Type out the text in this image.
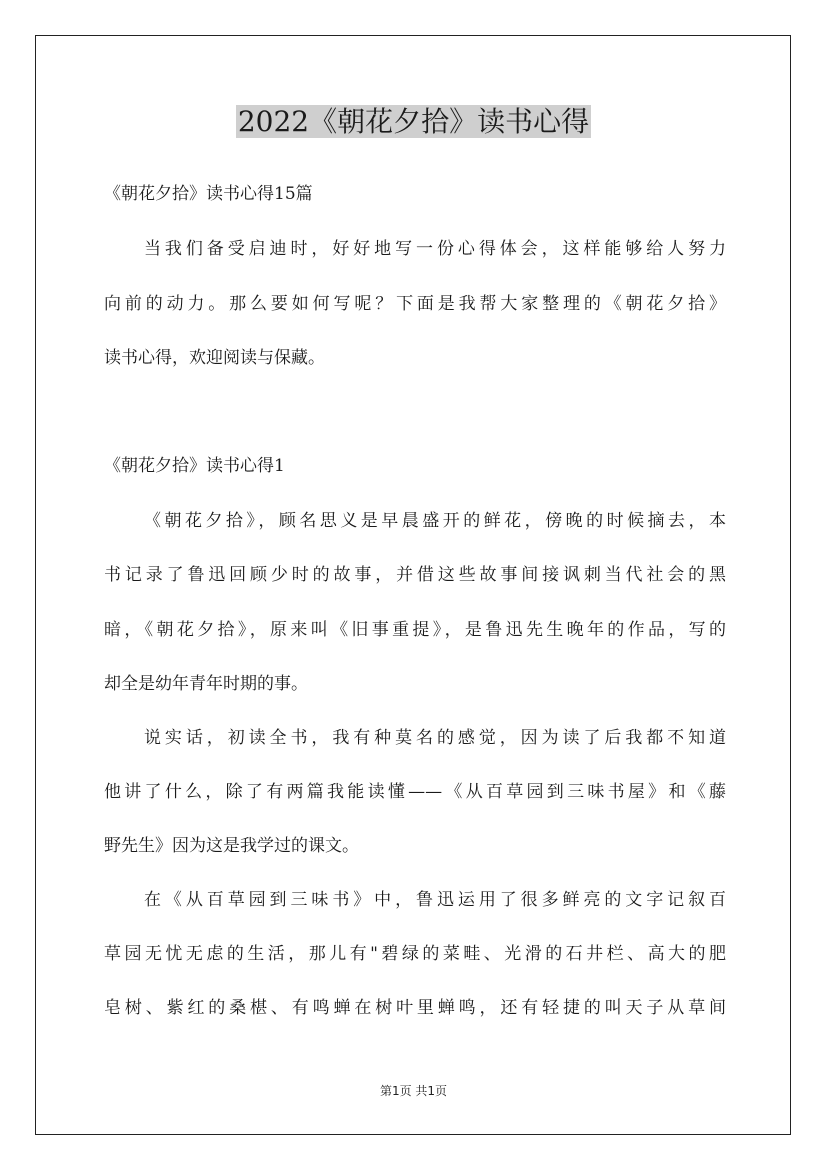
2022《朝花夕拾》读书心得
《朝花夕拾》读书心得15篇
当我们备受启迪时，好好地写一份心得体会，这样能够给人努力
向前的动力。那么要如何写呢？下面是我帮大家整理的《朝花夕拾》
读书心得，欢迎阅读与保藏。
《朝花夕拾》读书心得1
《朝花夕拾》，顾名思义是早晨盛开的鲜花，傍晚的时候摘去，本
书记录了鲁迅回顾少时的故事，并借这些故事间接讽刺当代社会的黑
暗，《朝花夕拾》，原来叫《旧事重提》，是鲁迅先生晚年的作品，写的
却全是幼年青年时期的事。
说实话，初读全书，我有种莫名的感觉，因为读了后我都不知道
他讲了什么，除了有两篇我能读懂——《从百草园到三味书屋》和《藤
野先生》因为这是我学过的课文。
在《从百草园到三味书》中，鲁迅运用了很多鲜亮的文字记叙百
草园无忧无虑的生活，那儿有"碧绿的菜畦、光滑的石井栏、高大的肥
皂树、紫红的桑椹、有鸣蝉在树叶里蝉鸣，还有轻捷的叫天子从草间
第1页 共1页
